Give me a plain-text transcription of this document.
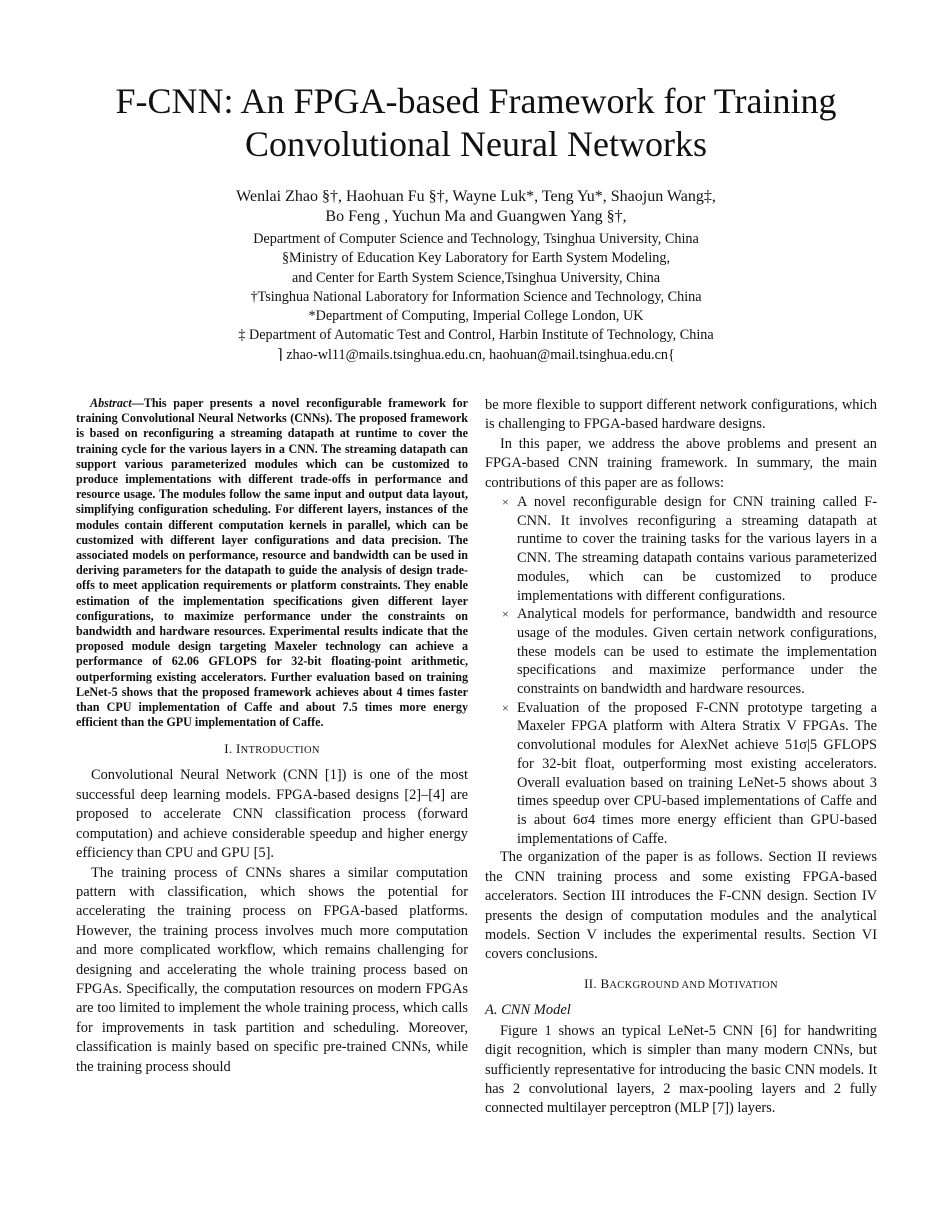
F-CNN: An FPGA-based Framework for Training Convolutional Neural Networks
Wenlai Zhao §†, Haohuan Fu §†, Wayne Luk*, Teng Yu*, Shaojun Wang‡,
Bo Feng , Yuchun Ma and Guangwen Yang §†,
Department of Computer Science and Technology, Tsinghua University, China
§Ministry of Education Key Laboratory for Earth System Modeling,
and Center for Earth System Science,Tsinghua University, China
†Tsinghua National Laboratory for Information Science and Technology, China
*Department of Computing, Imperial College London, UK
‡ Department of Automatic Test and Control, Harbin Institute of Technology, China
⌉ zhao-wl11@mails.tsinghua.edu.cn, haohuan@mail.tsinghua.edu.cn{

Abstract—This paper presents a novel reconfigurable framework for training Convolutional Neural Networks (CNNs). The proposed framework is based on reconfiguring a streaming datapath at runtime to cover the training cycle for the various layers in a CNN. The streaming datapath can support various parameterized modules which can be customized to produce implementations with different trade-offs in performance and resource usage. The modules follow the same input and output data layout, simplifying configuration scheduling. For different layers, instances of the modules contain different computation kernels in parallel, which can be customized with different layer configurations and data precision. The associated models on performance, resource and bandwidth can be used in deriving parameters for the datapath to guide the analysis of design trade-offs to meet application requirements or platform constraints. They enable estimation of the implementation specifications given different layer configurations, to maximize performance under the constraints on bandwidth and hardware resources. Experimental results indicate that the proposed module design targeting Maxeler technology can achieve a performance of 62.06 GFLOPS for 32-bit floating-point arithmetic, outperforming existing accelerators. Further evaluation based on training LeNet-5 shows that the proposed framework achieves about 4 times faster than CPU implementation of Caffe and about 7.5 times more energy efficient than the GPU implementation of Caffe.

I. INTRODUCTION

Convolutional Neural Network (CNN [1]) is one of the most successful deep learning models. FPGA-based designs [2]–[4] are proposed to accelerate CNN classification process (forward computation) and achieve considerable speedup and higher energy efficiency than CPU and GPU [5].

The training process of CNNs shares a similar computation pattern with classification, which shows the potential for accelerating the training process on FPGA-based platforms. However, the training process involves much more computation and more complicated workflow, which remains challenging for designing and accelerating the whole training process based on FPGAs. Specifically, the computation resources on modern FPGAs are too limited to implement the whole training process, which calls for improvements in task partition and scheduling. Moreover, classification is mainly based on specific pre-trained CNNs, while the training process should

be more flexible to support different network configurations, which is challenging to FPGA-based hardware designs.

In this paper, we address the above problems and present an FPGA-based CNN training framework. In summary, the main contributions of this paper are as follows:

× A novel reconfigurable design for CNN training called F-CNN. It involves reconfiguring a streaming datapath at runtime to cover the training tasks for the various layers in a CNN. The streaming datapath contains various parameterized modules, which can be customized to produce implementations with different configurations.
× Analytical models for performance, bandwidth and resource usage of the modules. Given certain network configurations, these models can be used to estimate the implementation specifications and maximize performance under the constraints on bandwidth and hardware resources.
× Evaluation of the proposed F-CNN prototype targeting a Maxeler FPGA platform with Altera Stratix V FPGAs. The convolutional modules for AlexNet achieve 51σ|5 GFLOPS for 32-bit float, outperforming most existing accelerators. Overall evaluation based on training LeNet-5 shows about 3 times speedup over CPU-based implementations of Caffe and is about 6σ4 times more energy efficient than GPU-based implementations of Caffe.

The organization of the paper is as follows. Section II reviews the CNN training process and some existing FPGA-based accelerators. Section III introduces the F-CNN design. Section IV presents the design of computation modules and the analytical models. Section V includes the experimental results. Section VI covers conclusions.

II. BACKGROUND AND MOTIVATION
A. CNN Model

Figure 1 shows an typical LeNet-5 CNN [6] for handwriting digit recognition, which is simpler than many modern CNNs, but sufficiently representative for introducing the basic CNN models. It has 2 convolutional layers, 2 max-pooling layers and 2 fully connected multilayer perceptron (MLP [7]) layers.
